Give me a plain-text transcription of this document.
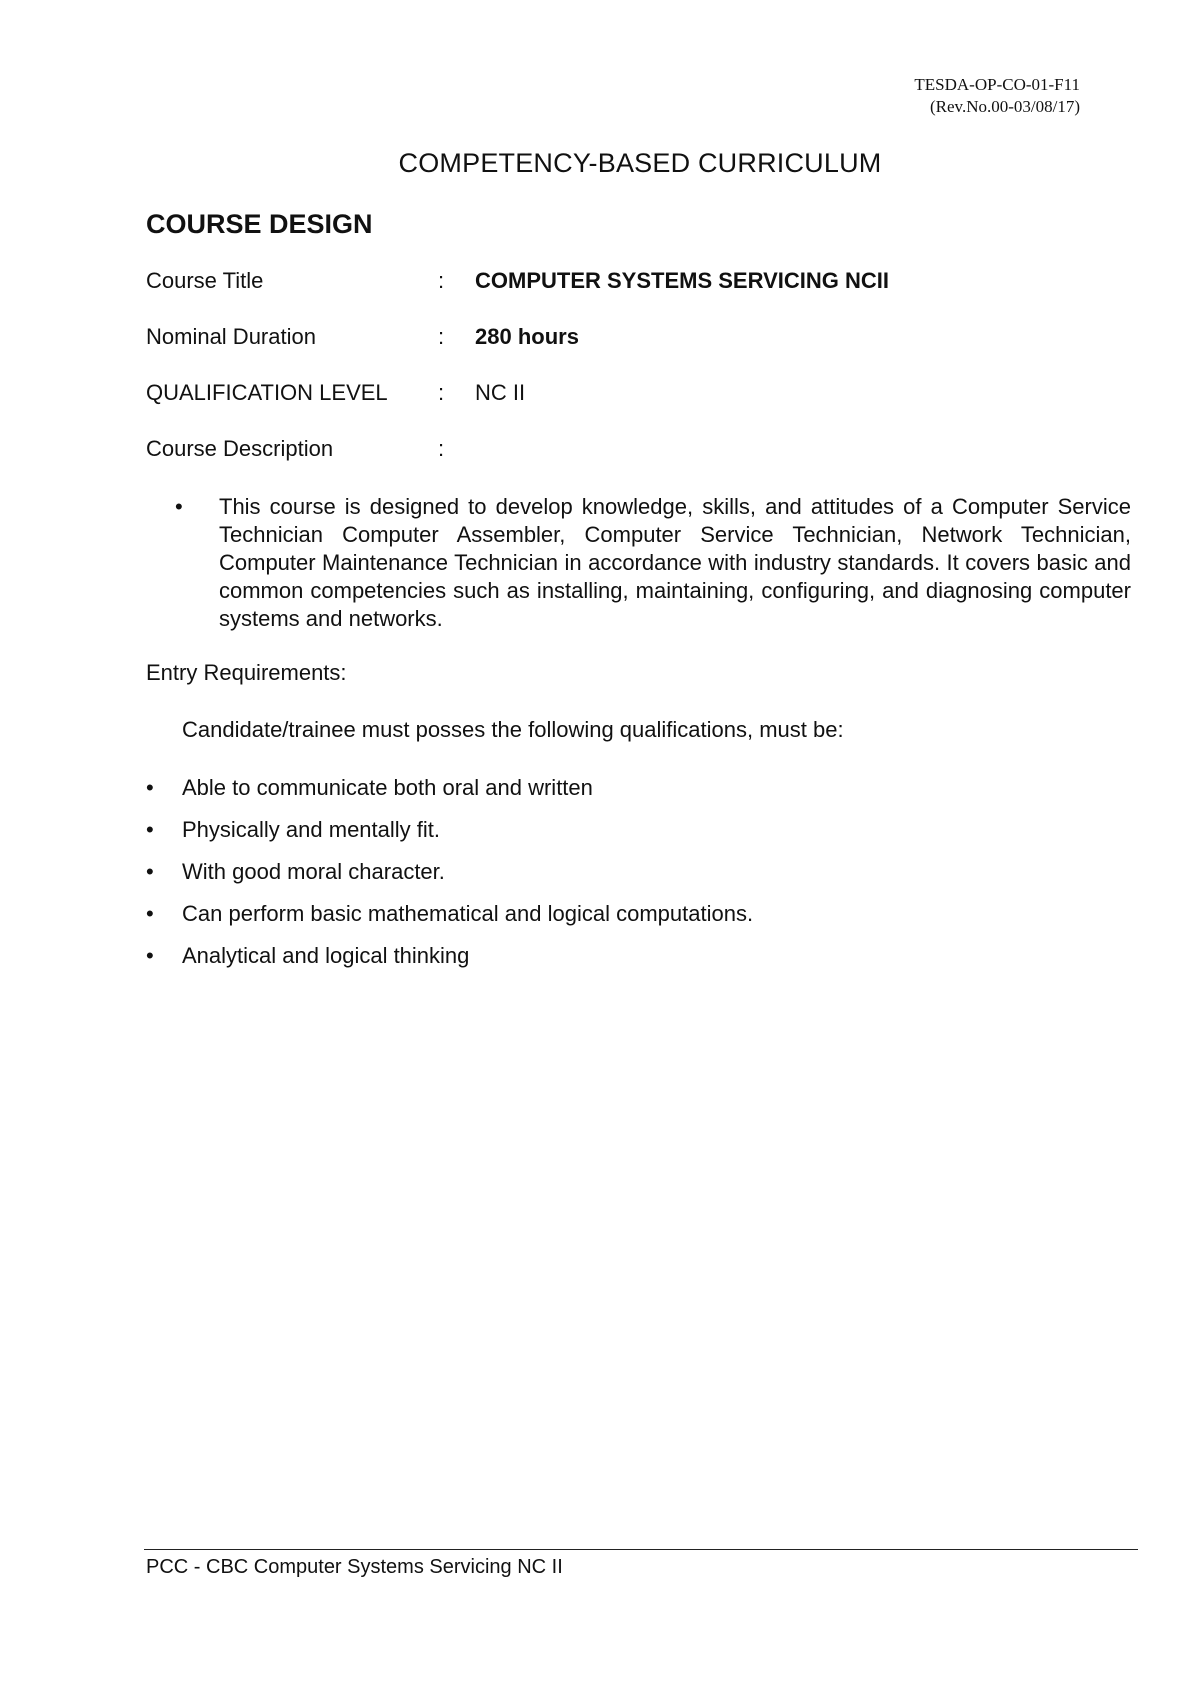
TESDA-OP-CO-01-F11
(Rev.No.00-03/08/17)
COMPETENCY-BASED CURRICULUM
COURSE DESIGN
Course Title	: COMPUTER SYSTEMS SERVICING NCII
Nominal Duration	: 280 hours
QUALIFICATION LEVEL : NC II
Course Description	:
• This course is designed to develop knowledge, skills, and attitudes of a Computer Service Technician Computer Assembler, Computer Service Technician, Network Technician, Computer Maintenance Technician in accordance with industry standards. It covers basic and common competencies such as installing, maintaining, configuring, and diagnosing computer systems and networks.
Entry Requirements:
Candidate/trainee must posses the following qualifications, must be:
• Able to communicate both oral and written
• Physically and mentally fit.
• With good moral character.
• Can perform basic mathematical and logical computations.
• Analytical and logical thinking
PCC - CBC Computer Systems Servicing NC II
